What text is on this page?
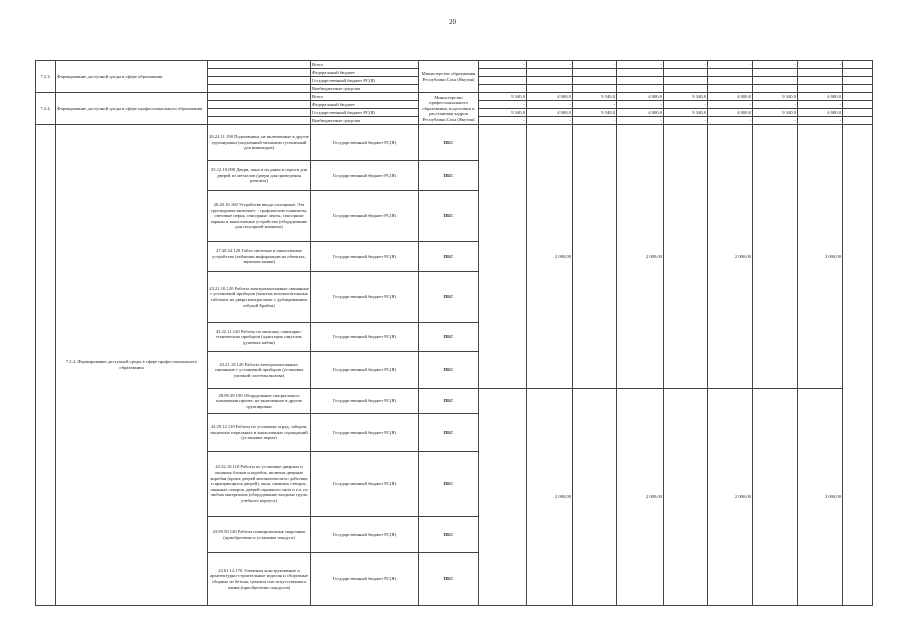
20
7.2.3.	Формирование доступной среды в сфере образования		Всего	Министерство образования Республики Саха (Якутия)	-	-	-	-	-	-	-	-	
			Федеральный бюджет										
			Государственный бюджет РС(Я)										
			Внебюджетные средства										
7.2.4.	Формирование доступной среды в сфере профессионального образования		Всего	Министерство профессионального образования, подготовки и расстановки кадров Республики Саха (Якутия)	9 340,0	4 000,0	9 340,0	4 000,0	9 340,0	4 000,0	9 340,0	4 000,0	
			Федеральный бюджет		-	-	-	-	-	-	-	-	
			Государственный бюджет РС(Я)		9 340,0	4 000,0	9 340,0	4 000,0	9 340,0	4 000,0	9 340,0	4 000,0	
			Внебюджетные средства		-	-	-	-	-	-	-	-	
	7.2.4. Формирование доступной среды в сфере профессионального образования	28.22.11.190 Подъемники, не включенные в другие группировки (подъемный механизм гусеничный для инвалидов)	Государственный бюджет РС(Я)	ПБС		2 000,00		2 000,00		2 000,00		2 000,00	
		25.12.10.000 Двери, окна и их рамы и пороги для дверей из металлов (двери для проведения ремонта)	Государственный бюджет РС(Я)	ПБС									
		26.20.16.160 Устройства ввода сенсорные. Эта группировка включает: - графические планшеты, световые перья, сенсорные ленты, сенсорные экраны и аналогичные устройства (оборудование для сенсорной комнаты)	Государственный бюджет РС(Я)	ПБС									
		27.40.24.120 Табло световые и аналогичные устройства (таблички информации на объектах, звуковые маяки)	Государственный бюджет РС(Я)	ПБС									
		43.21.10.120 Работы электромонтажные связанные с установкой приборов (монтаж вспомогательных табличек на двери контрастные с дублированием азбукой Брайля)	Государственный бюджет РС(Я)	ПБС									
		43.22.11.120 Работы по монтажу санитарно-технических приборов (адаптация санузлов, душевых кабин)	Государственный бюджет РС(Я)	ПБС									
		43.21.10.120 Работы электромонтажные, связанные с установкой приборов (установка уличной системы вызова)	Государственный бюджет РС(Я)	ПБС									
		28.99.39.190 Оборудование специального назначения прочее, не включенное в другие группировки	Государственный бюджет РС(Я)	ПБС		2 000,00		2 000,00		2 000,00		2 000,00	
		43.29.12.110 Работы по установке оград, заборов, защитных перильных и аналогичных ограждений (установка перил)	Государственный бюджет РС(Я)	ПБС									
		43.32.10.110 Работы по установке дверных и оконных блоков и коробок, включая дверные коробки (кроме дверей автоматического действия и вращающихся дверей), окон, оконных створок, оконных створок, дверей гаражного типа и т.п. из любых материалов (оборудование входных групп учебного корпуса)	Государственный бюджет РС(Я)	ПБС									
		43.99.50.140 Работы планировочные сварочные (приобретение и установка пандуса)	Государственный бюджет РС(Я)	ПБС									
		23.61.12.170 Элементы конструктивные и архитектурно-строительные изделия и сборочные сборные из бетона, цемента или искусственного камня (приобретение пандусов)	Государственный бюджет РС(Я)	ПБС									
